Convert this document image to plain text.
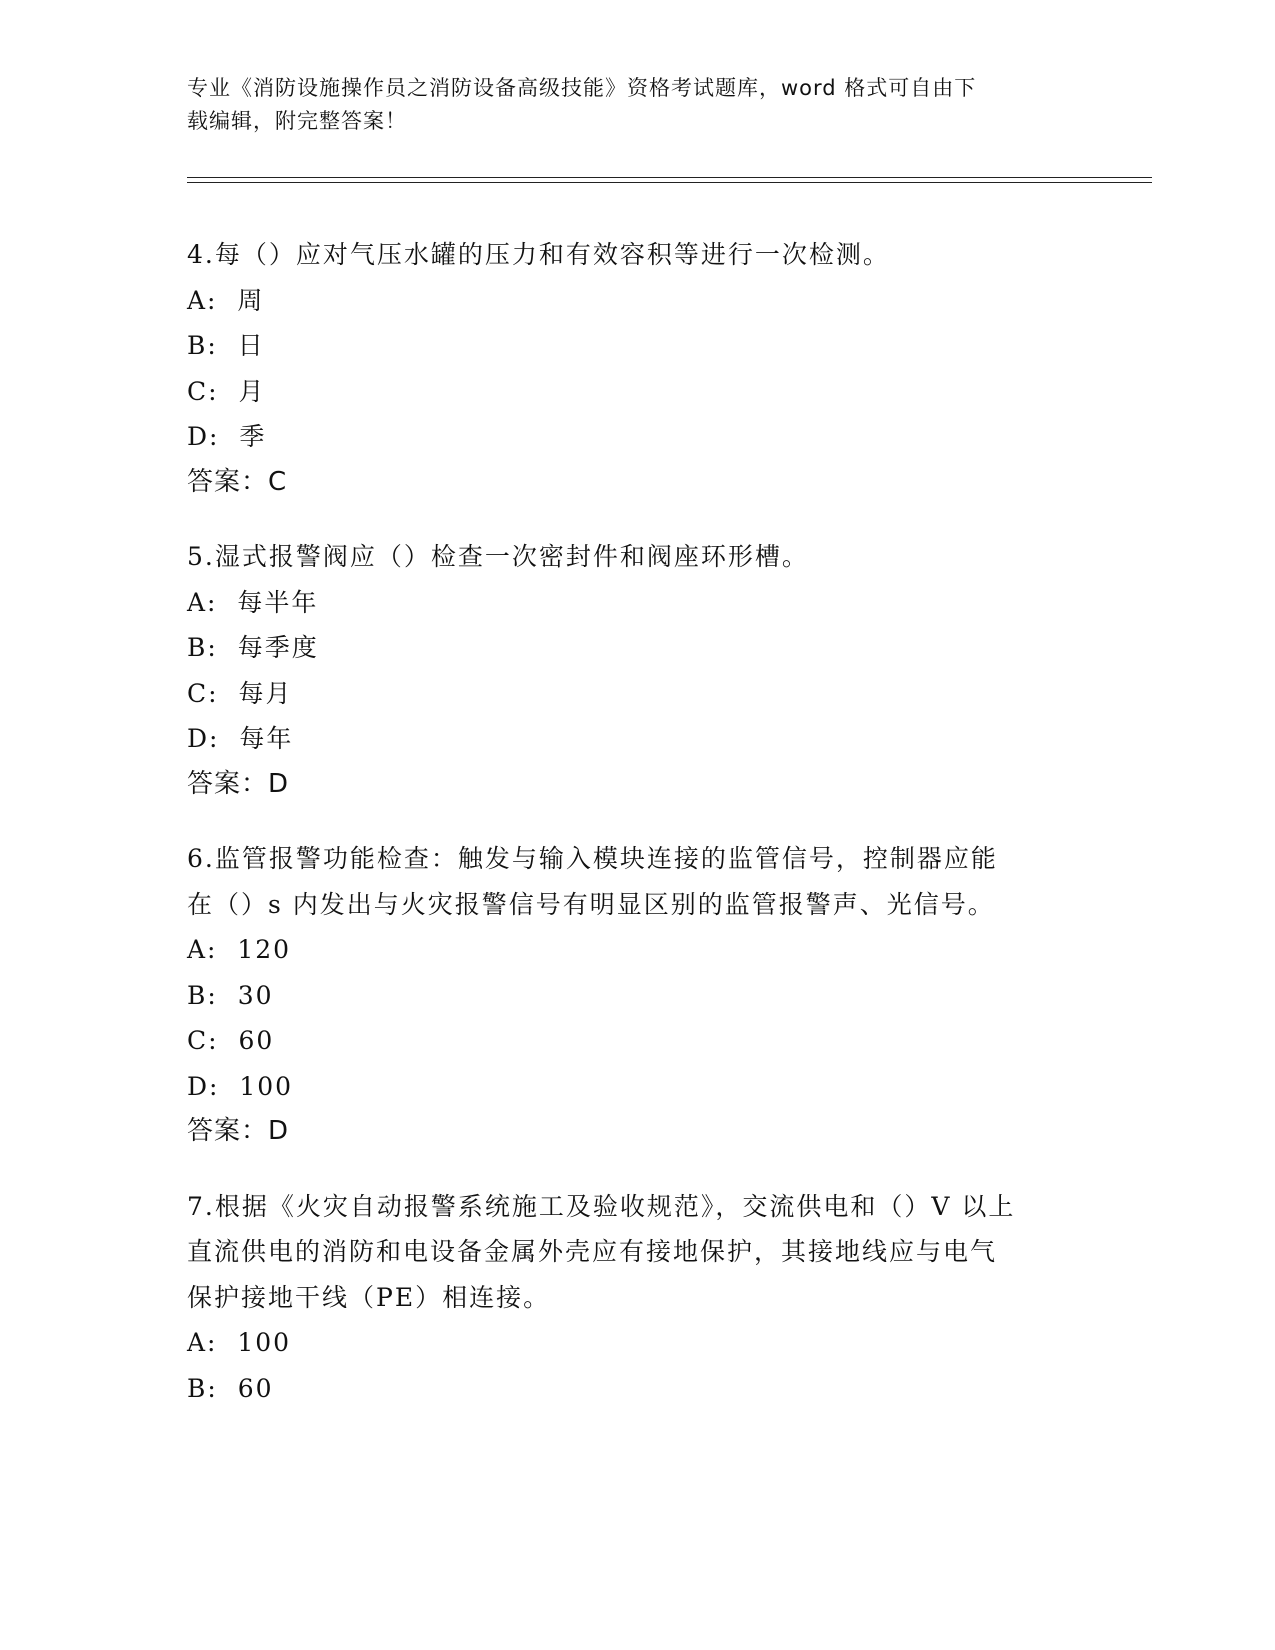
专业《消防设施操作员之消防设备高级技能》资格考试题库，word 格式可自由下
载编辑，附完整答案！

4.每（）应对气压水罐的压力和有效容积等进行一次检测。

A:  周

B:  日

C:  月

D:  季

答案：C

5.湿式报警阀应（）检查一次密封件和阀座环形槽。

A:  每半年

B:  每季度

C:  每月

D:  每年

答案：D

6.监管报警功能检查：触发与输入模块连接的监管信号，控制器应能

在（）s 内发出与火灾报警信号有明显区别的监管报警声、光信号。

A:  120

B:  30

C:  60

D:  100

答案：D

7.根据《火灾自动报警系统施工及验收规范》，交流供电和（）V 以上

直流供电的消防和电设备金属外壳应有接地保护，其接地线应与电气

保护接地干线（PE）相连接。

A:  100

B:  60
